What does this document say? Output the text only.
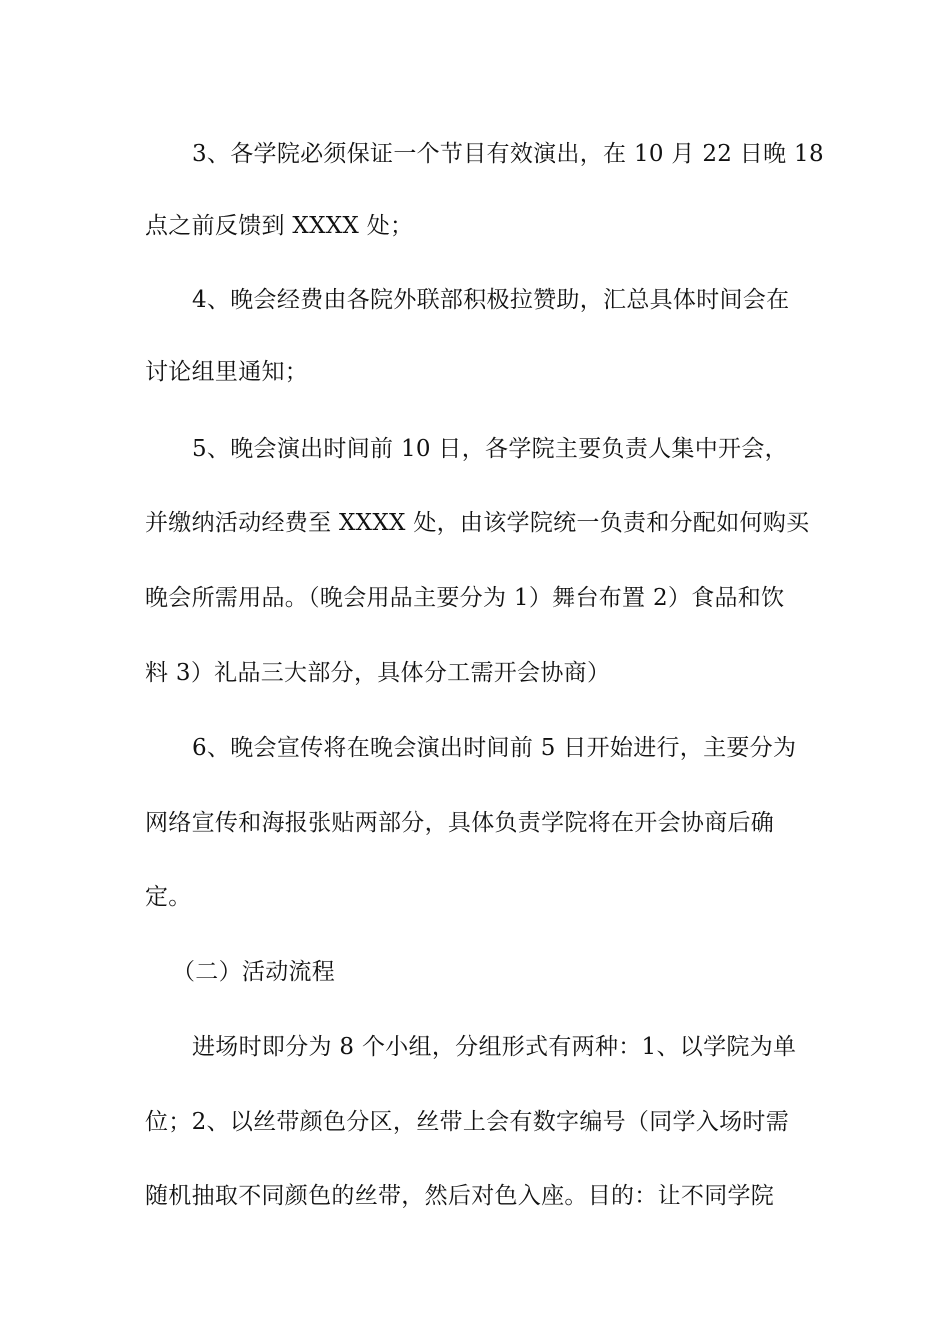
3、各学院必须保证一个节目有效演出，在 10 月 22 日晚 18
点之前反馈到 XXXX 处；
4、晚会经费由各院外联部积极拉赞助，汇总具体时间会在
讨论组里通知；
5、晚会演出时间前 10 日，各学院主要负责人集中开会，
并缴纳活动经费至 XXXX 处，由该学院统一负责和分配如何购买
晚会所需用品。（晚会用品主要分为 1）舞台布置 2）食品和饮
料 3）礼品三大部分，具体分工需开会协商）
6、晚会宣传将在晚会演出时间前 5 日开始进行，主要分为
网络宣传和海报张贴两部分，具体负责学院将在开会协商后确
定。
（二）活动流程
进场时即分为 8 个小组，分组形式有两种：1、以学院为单
位；2、以丝带颜色分区，丝带上会有数字编号（同学入场时需
随机抽取不同颜色的丝带，然后对色入座。目的：让不同学院
